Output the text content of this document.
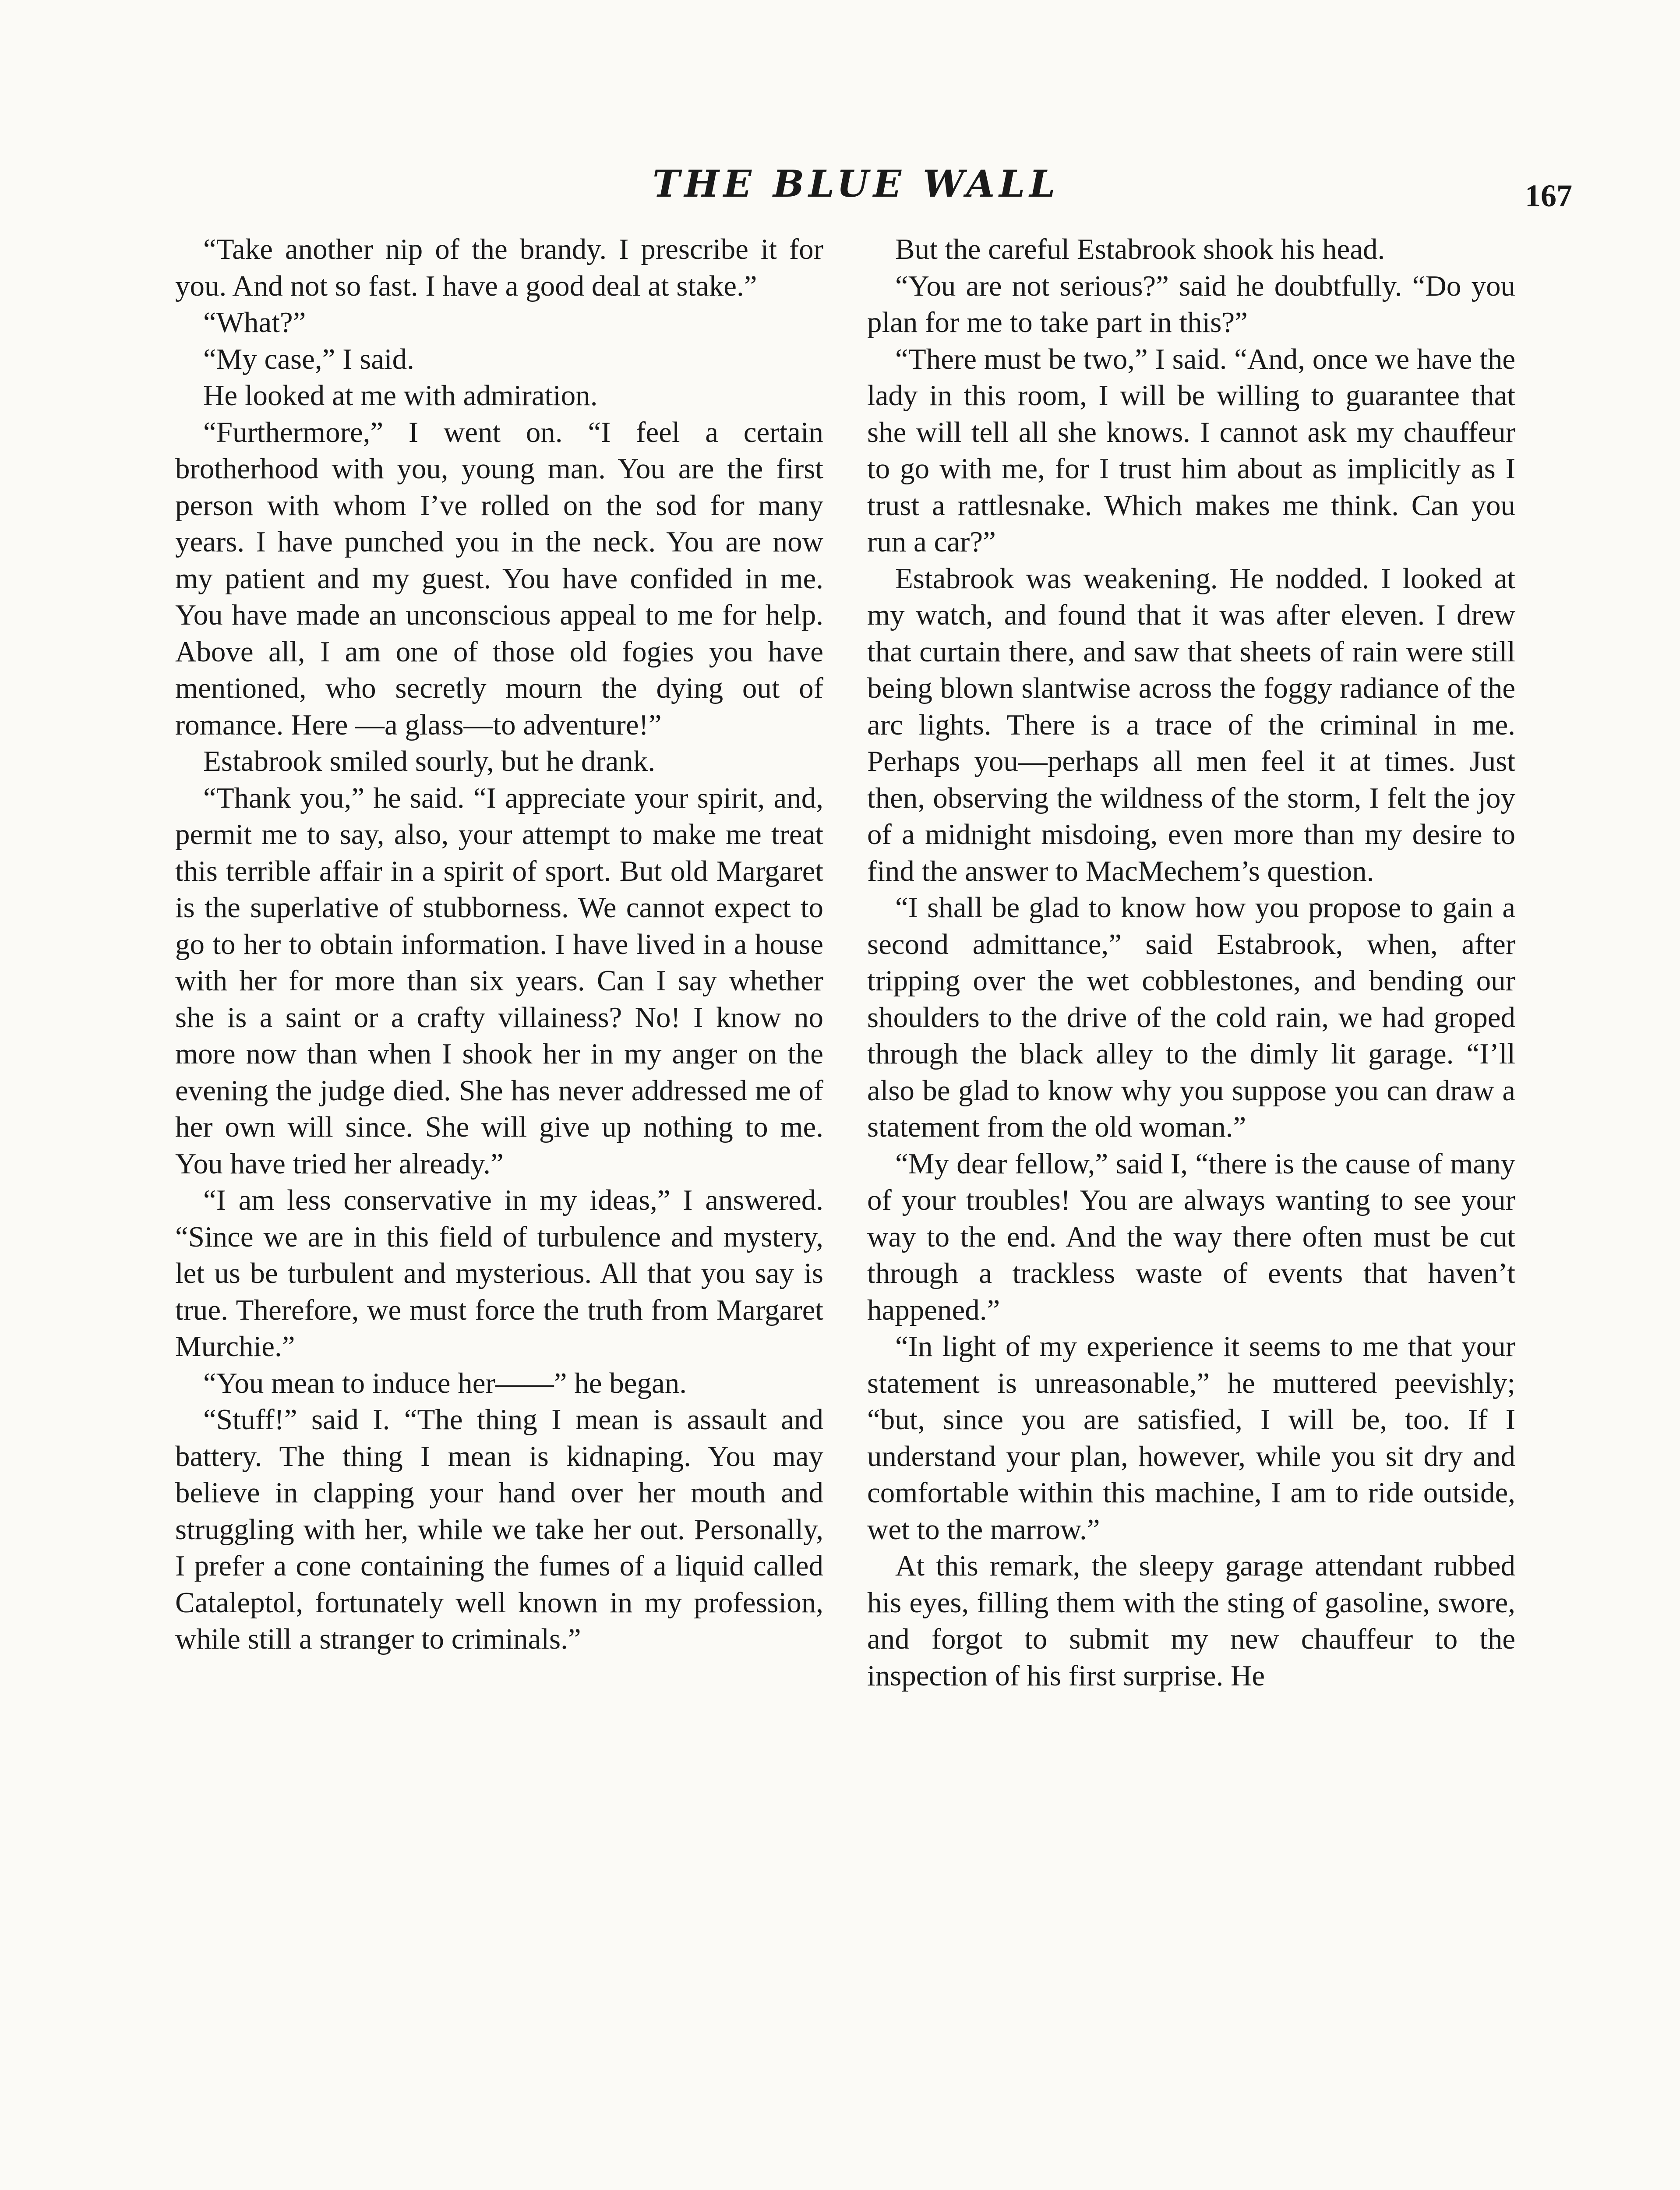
THE BLUE WALL	167

“Take another nip of the brandy. I prescribe it for you. And not so fast. I have a good deal at stake.”

“What?”

“My case,” I said.

He looked at me with admiration.

“Furthermore,” I went on. “I feel a certain brotherhood with you, young man. You are the first person with whom I’ve rolled on the sod for many years. I have punched you in the neck. You are now my patient and my guest. You have confided in me. You have made an unconscious appeal to me for help. Above all, I am one of those old fogies you have mentioned, who secretly mourn the dying out of romance. Here —a glass—to adventure!”

Estabrook smiled sourly, but he drank.

“Thank you,” he said. “I appreciate your spirit, and, permit me to say, also, your attempt to make me treat this terrible affair in a spirit of sport. But old Margaret is the superlative of stubborness. We cannot expect to go to her to obtain information. I have lived in a house with her for more than six years. Can I say whether she is a saint or a crafty villainess? No! I know no more now than when I shook her in my anger on the evening the judge died. She has never addressed me of her own will since. She will give up nothing to me. You have tried her already.”

“I am less conservative in my ideas,” I answered. “Since we are in this field of turbulence and mystery, let us be turbulent and mysterious. All that you say is true. Therefore, we must force the truth from Margaret Murchie.”

“You mean to induce her——” he began.

“Stuff!” said I. “The thing I mean is assault and battery. The thing I mean is kidnaping. You may believe in clapping your hand over her mouth and struggling with her, while we take her out. Personally, I prefer a cone containing the fumes of a liquid called Cataleptol, fortunately well known in my profession, while still a stranger to criminals.”

But the careful Estabrook shook his head.

“You are not serious?” said he doubtfully. “Do you plan for me to take part in this?”

“There must be two,” I said. “And, once we have the lady in this room, I will be willing to guarantee that she will tell all she knows. I cannot ask my chauffeur to go with me, for I trust him about as implicitly as I trust a rattlesnake. Which makes me think. Can you run a car?”

Estabrook was weakening. He nodded. I looked at my watch, and found that it was after eleven. I drew that curtain there, and saw that sheets of rain were still being blown slantwise across the foggy radiance of the arc lights. There is a trace of the criminal in me. Perhaps you—perhaps all men feel it at times. Just then, observing the wildness of the storm, I felt the joy of a midnight misdoing, even more than my desire to find the answer to MacMechem’s question.

“I shall be glad to know how you propose to gain a second admittance,” said Estabrook, when, after tripping over the wet cobblestones, and bending our shoulders to the drive of the cold rain, we had groped through the black alley to the dimly lit garage. “I’ll also be glad to know why you suppose you can draw a statement from the old woman.”

“My dear fellow,” said I, “there is the cause of many of your troubles! You are always wanting to see your way to the end. And the way there often must be cut through a trackless waste of events that haven’t happened.”

“In light of my experience it seems to me that your statement is unreasonable,” he muttered peevishly; “but, since you are satisfied, I will be, too. If I understand your plan, however, while you sit dry and comfortable within this machine, I am to ride outside, wet to the marrow.”

At this remark, the sleepy garage attendant rubbed his eyes, filling them with the sting of gasoline, swore, and forgot to submit my new chauffeur to the inspection of his first surprise. He
